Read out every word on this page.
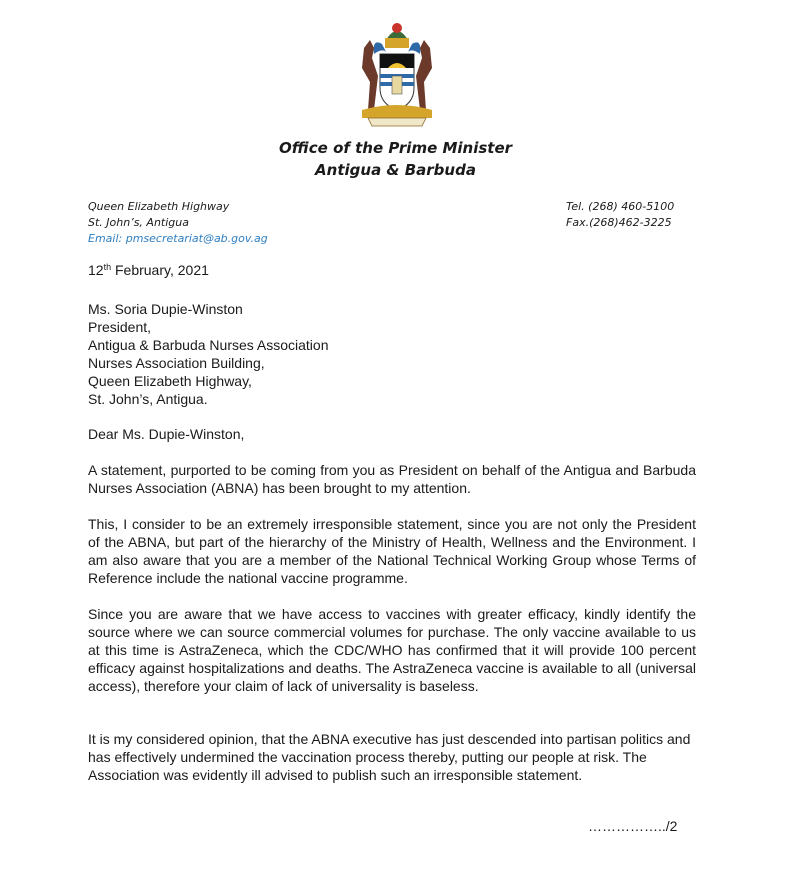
Office of the Prime Minister
Antigua & Barbuda
Queen Elizabeth Highway
St. John’s, Antigua
Email: pmsecretariat@ab.gov.ag
Tel. (268) 460-5100
Fax.(268)462-3225
12th February, 2021
Ms. Soria Dupie-Winston
President,
Antigua & Barbuda Nurses Association
Nurses Association Building,
Queen Elizabeth Highway,
St. John’s, Antigua.
Dear Ms. Dupie-Winston,
A statement, purported to be coming from you as President on behalf of the Antigua and Barbuda Nurses Association (ABNA) has been brought to my attention.
This, I consider to be an extremely irresponsible statement, since you are not only the President of the ABNA, but part of the hierarchy of the Ministry of Health, Wellness and the Environment. I am also aware that you are a member of the National Technical Working Group whose Terms of Reference include the national vaccine programme.
Since you are aware that we have access to vaccines with greater efficacy, kindly identify the source where we can source commercial volumes for purchase. The only vaccine available to us at this time is AstraZeneca, which the CDC/WHO has confirmed that it will provide 100 percent efficacy against hospitalizations and deaths. The AstraZeneca vaccine is available to all (universal access), therefore your claim of lack of universality is baseless.
It is my considered opinion, that the ABNA executive has just descended into partisan politics and has effectively undermined the vaccination process thereby, putting our people at risk. The Association was evidently ill advised to publish such an irresponsible statement.
……………../2
